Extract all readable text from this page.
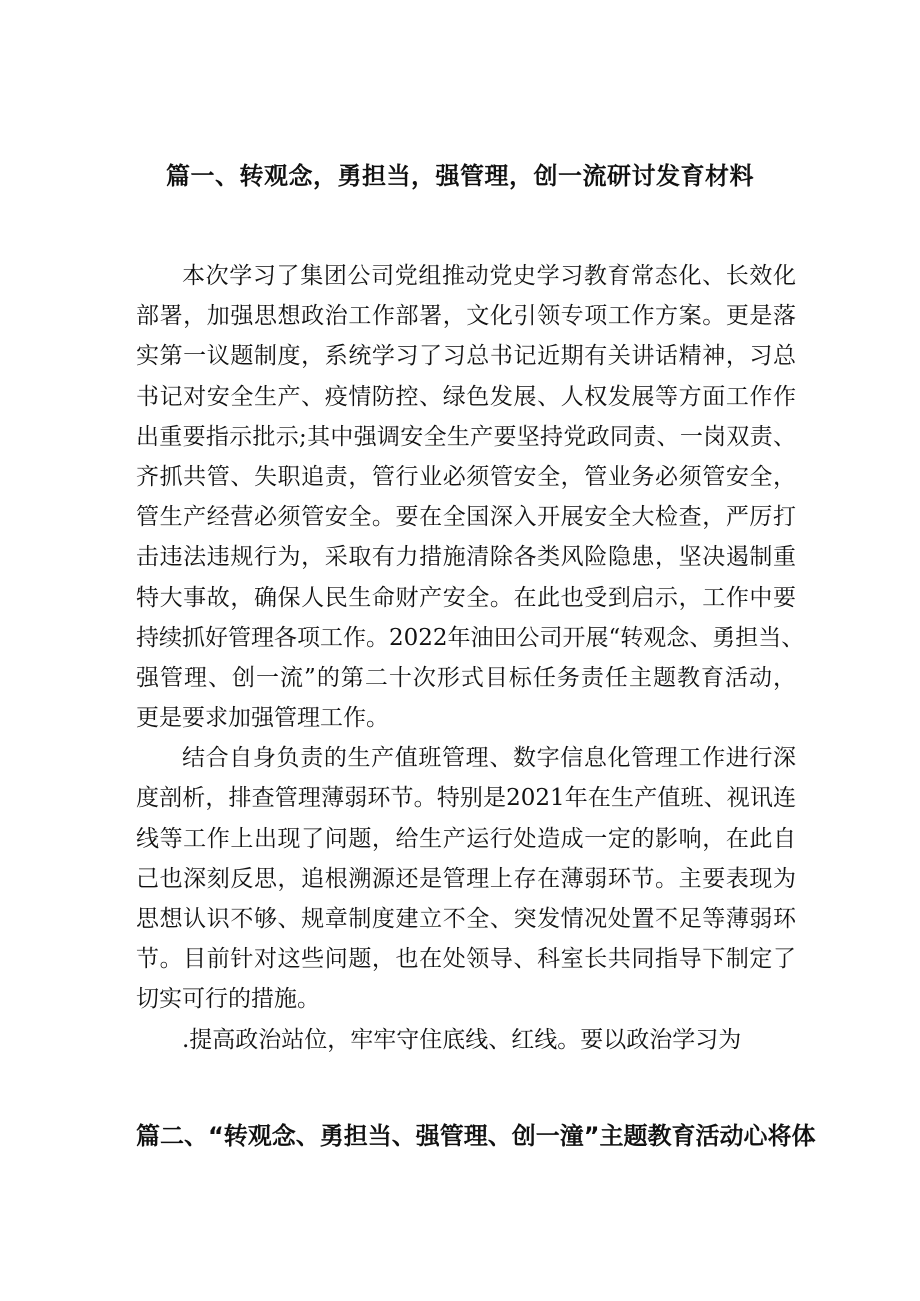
篇一、转观念，勇担当，强管理，创一流研讨发育材料

本次学习了集团公司党组推动党史学习教育常态化、长效化
部署，加强思想政治工作部署，文化引领专项工作方案。更是落
实第一议题制度，系统学习了习总书记近期有关讲话精神，习总
书记对安全生产、疫情防控、绿色发展、人权发展等方面工作作
出重要指示批示;其中强调安全生产要坚持党政同责、一岗双责、
齐抓共管、失职追责，管行业必须管安全，管业务必须管安全，
管生产经营必须管安全。要在全国深入开展安全大检查，严厉打
击违法违规行为，采取有力措施清除各类风险隐患，坚决遏制重
特大事故，确保人民生命财产安全。在此也受到启示，工作中要
持续抓好管理各项工作。2022年油田公司开展“转观念、勇担当、
强管理、创一流”的第二十次形式目标任务责任主题教育活动，
更是要求加强管理工作。

结合自身负责的生产值班管理、数字信息化管理工作进行深
度剖析，排查管理薄弱环节。特别是2021年在生产值班、视讯连
线等工作上出现了问题，给生产运行处造成一定的影响，在此自
己也深刻反思，追根溯源还是管理上存在薄弱环节。主要表现为
思想认识不够、规章制度建立不全、突发情况处置不足等薄弱环
节。目前针对这些问题，也在处领导、科室长共同指导下制定了
切实可行的措施。

.提高政治站位，牢牢守住底线、红线。要以政治学习为

篇二、“转观念、勇担当、强管理、创一潼”主题教育活动心将体
